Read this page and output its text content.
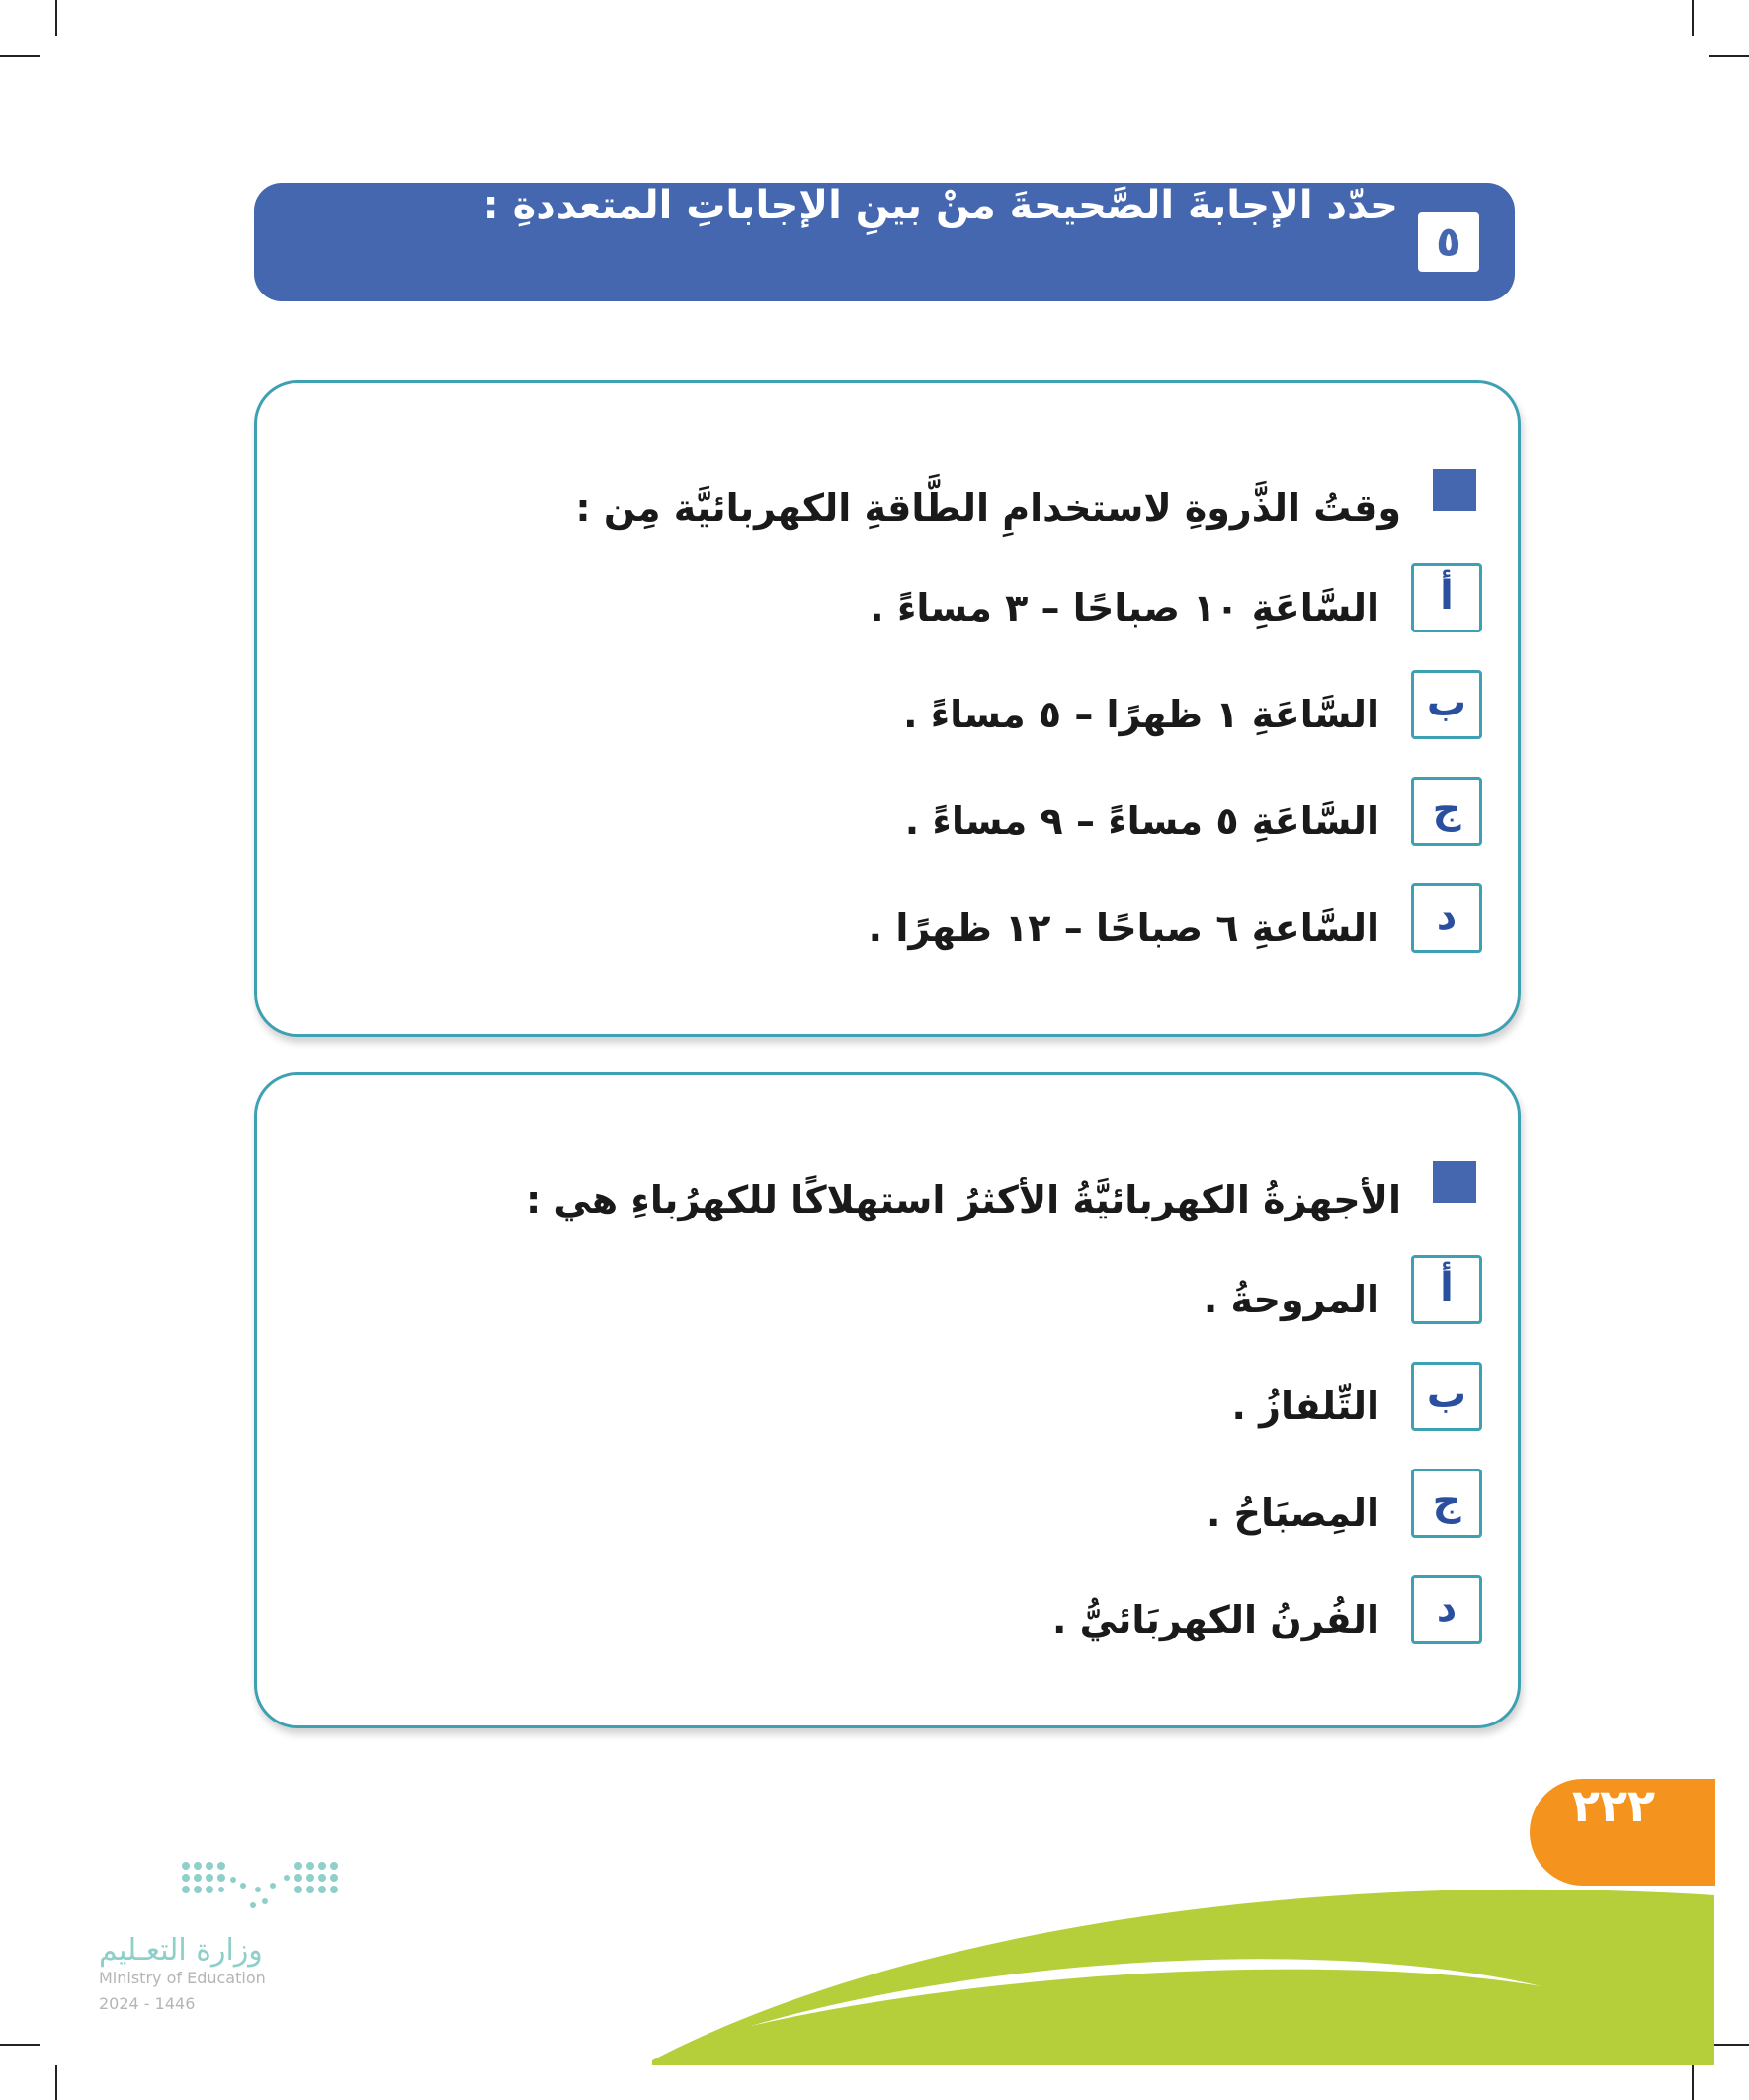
٥
حدّد الإجابةَ الصَّحيحةَ منْ بينِ الإجاباتِ المتعددةِ :
وقتُ الذَّروةِ لاستخدامِ الطَّاقةِ الكهربائيَّة مِن :
أ
السَّاعَةِ ١٠ صباحًا – ٣ مساءً .
ب
السَّاعَةِ ١ ظهرًا – ٥ مساءً .
ج
السَّاعَةِ ٥ مساءً – ٩ مساءً .
د
السَّاعةِ ٦ صباحًا – ١٢ ظهرًا .
الأجهزةُ الكهربائيَّةُ الأكثرُ استهلاكًا للكهرُباءِ هي :
أ
المروحةُ .
ب
التِّلفازُ .
ج
المِصبَاحُ .
د
الفُرنُ الكهربَائيُّ .
٢٢٢
وزارة التعـليم
Ministry of Education
2024 - 1446
